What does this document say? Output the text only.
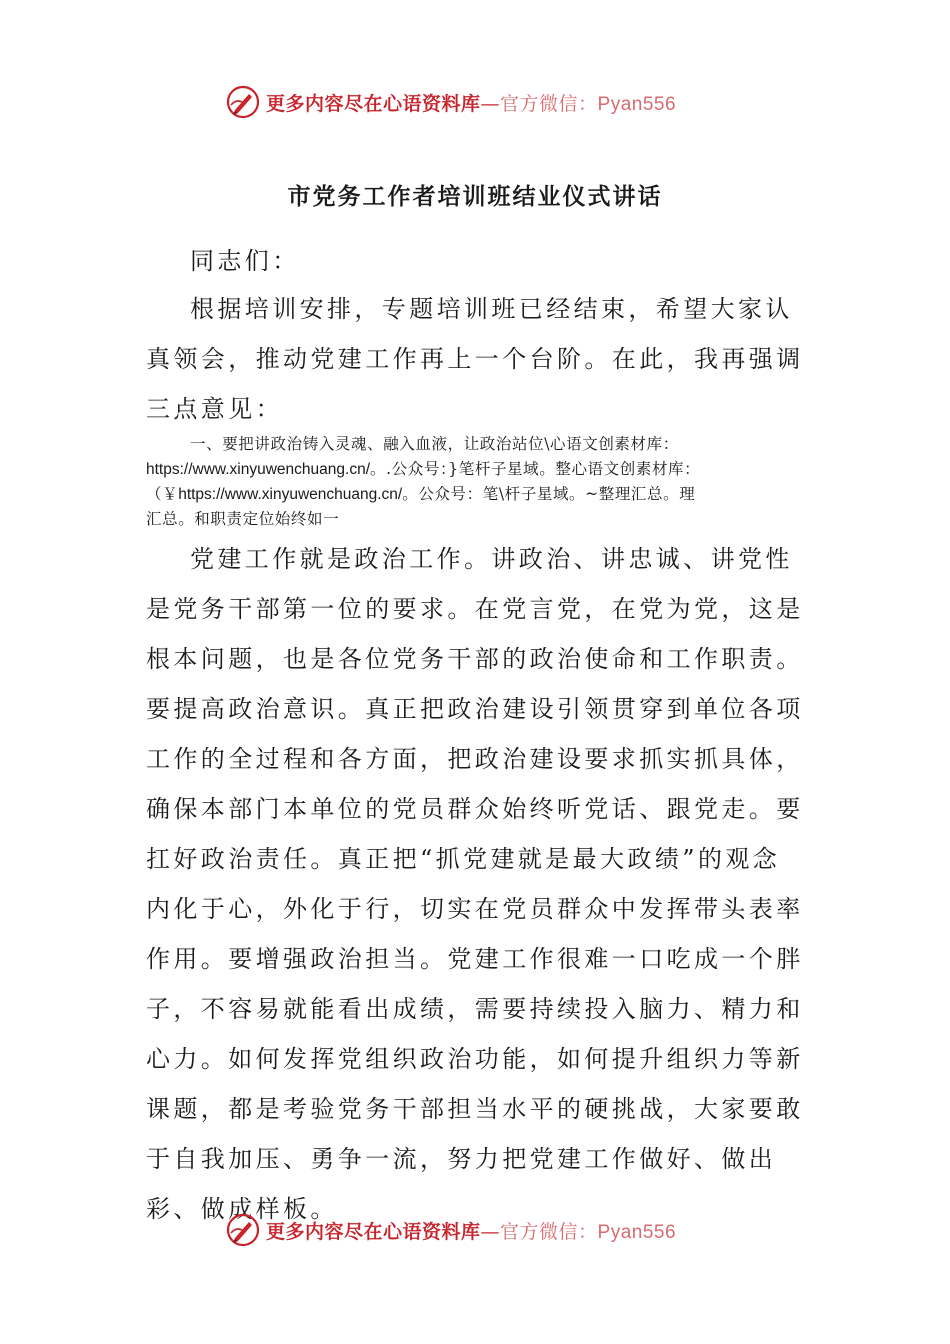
更多内容尽在心语资料库—官方微信：Pyan556
市党务工作者培训班结业仪式讲话
同志们：
根据培训安排，专题培训班已经结束，希望大家认真领会，推动党建工作再上一个台阶。在此，我再强调三点意见：
一、要把讲政治铸入灵魂、融入血液，让政治站位\心语文创素材库：
https://www.xinyuwenchuang.cn/。.公众号：}笔杆子星域。整心语文创素材库：
（￥https://www.xinyuwenchuang.cn/。公众号：笔\杆子星域。~整理汇总。理
汇总。和职责定位始终如一
党建工作就是政治工作。讲政治、讲忠诚、讲党性是党务干部第一位的要求。在党言党，在党为党，这是根本问题，也是各位党务干部的政治使命和工作职责。要提高政治意识。真正把政治建设引领贯穿到单位各项工作的全过程和各方面，把政治建设要求抓实抓具体，确保本部门本单位的党员群众始终听党话、跟党走。要扛好政治责任。真正把“抓党建就是最大政绩”的观念内化于心，外化于行，切实在党员群众中发挥带头表率作用。要增强政治担当。党建工作很难一口吃成一个胖子，不容易就能看出成绩，需要持续投入脑力、精力和心力。如何发挥党组织政治功能，如何提升组织力等新课题，都是考验党务干部担当水平的硬挑战，大家要敢于自我加压、勇争一流，努力把党建工作做好、做出彩、做成样板。
更多内容尽在心语资料库—官方微信：Pyan556
